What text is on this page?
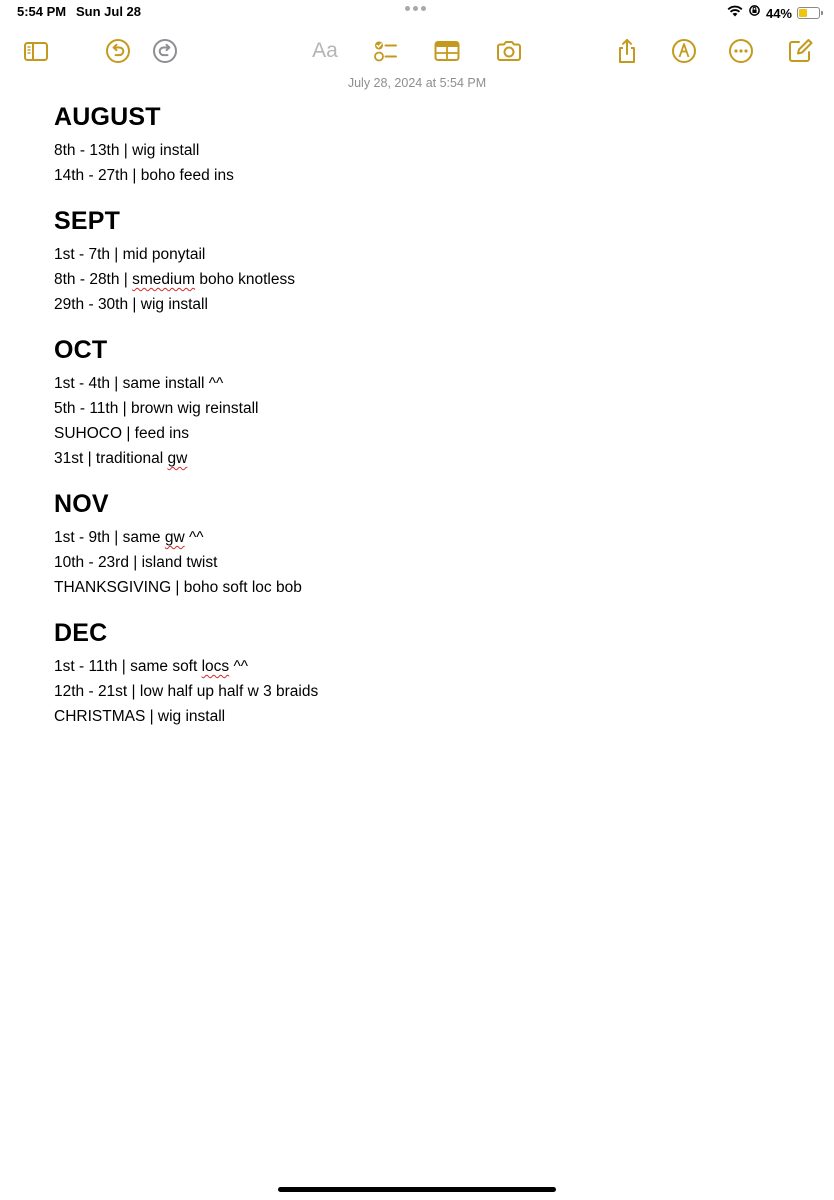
5:54 PM Sun Jul 28	44%
Aa
July 28, 2024 at 5:54 PM
AUGUST
8th - 13th | wig install
14th - 27th | boho feed ins
SEPT
1st - 7th | mid ponytail
8th - 28th | smedium boho knotless
29th - 30th | wig install
OCT
1st - 4th | same install ^^
5th - 11th | brown wig reinstall
SUHOCO | feed ins
31st | traditional gw
NOV
1st - 9th | same gw ^^
10th - 23rd | island twist
THANKSGIVING | boho soft loc bob
DEC
1st - 11th | same soft locs ^^
12th - 21st | low half up half w 3 braids
CHRISTMAS | wig install
